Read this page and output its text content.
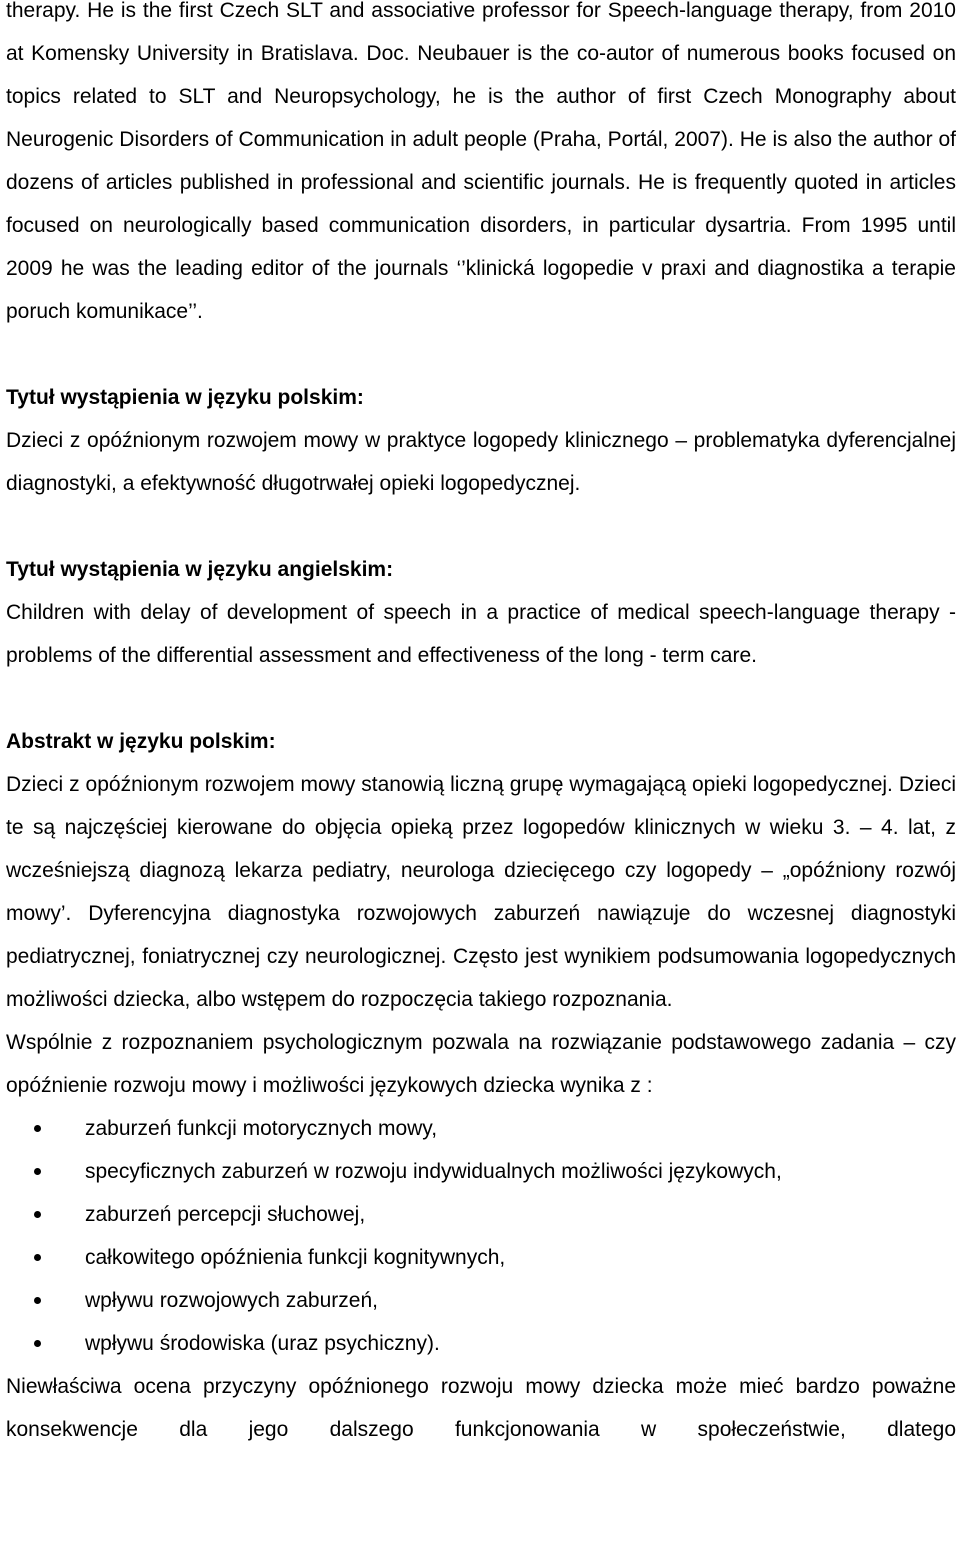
therapy. He is the first Czech SLT and associative professor for Speech-language therapy, from 2010 at Komensky University in Bratislava. Doc. Neubauer is the co-autor of numerous books focused on topics related to SLT and Neuropsychology, he is the author of first Czech Monography about Neurogenic Disorders of Communication in adult people (Praha, Portál, 2007). He is also the author of dozens of articles published in professional and scientific journals. He is frequently quoted in articles focused on neurologically based communication disorders, in particular dysartria. From 1995 until 2009 he was the leading editor of the journals ‘’klinická logopedie v praxi and diagnostika a terapie poruch komunikace’’.

Tytuł wystąpienia w języku polskim:

Dzieci z opóźnionym rozwojem mowy w praktyce logopedy klinicznego – problematyka dyferencjalnej diagnostyki, a efektywność długotrwałej opieki logopedycznej.

Tytuł wystąpienia w języku angielskim:

Children with delay of development of speech in a practice of medical speech-language therapy - problems of the differential assessment and effectiveness of the long - term care.

Abstrakt w języku polskim:

Dzieci z opóźnionym rozwojem mowy stanowią liczną grupę wymagającą opieki logopedycznej. Dzieci te są najczęściej kierowane do objęcia opieką przez logopedów klinicznych w wieku 3. – 4. lat, z wcześniejszą diagnozą lekarza pediatry, neurologa dziecięcego czy logopedy – „opóźniony rozwój mowy’. Dyferencyjna diagnostyka rozwojowych zaburzeń nawiązuje do wczesnej diagnostyki pediatrycznej, foniatrycznej czy neurologicznej. Często jest wynikiem podsumowania logopedycznych możliwości dziecka, albo wstępem do rozpoczęcia takiego rozpoznania.

Wspólnie z rozpoznaniem psychologicznym pozwala na rozwiązanie podstawowego zadania – czy opóźnienie rozwoju mowy i możliwości językowych dziecka wynika z :

zaburzeń funkcji motorycznych mowy,
specyficznych zaburzeń w rozwoju indywidualnych możliwości językowych,
zaburzeń percepcji słuchowej,
całkowitego opóźnienia funkcji kognitywnych,
wpływu rozwojowych zaburzeń,
wpływu środowiska (uraz psychiczny).

Niewłaściwa ocena przyczyny opóźnionego rozwoju mowy dziecka może mieć bardzo poważne konsekwencje dla jego dalszego funkcjonowania w społeczeństwie, dlatego
